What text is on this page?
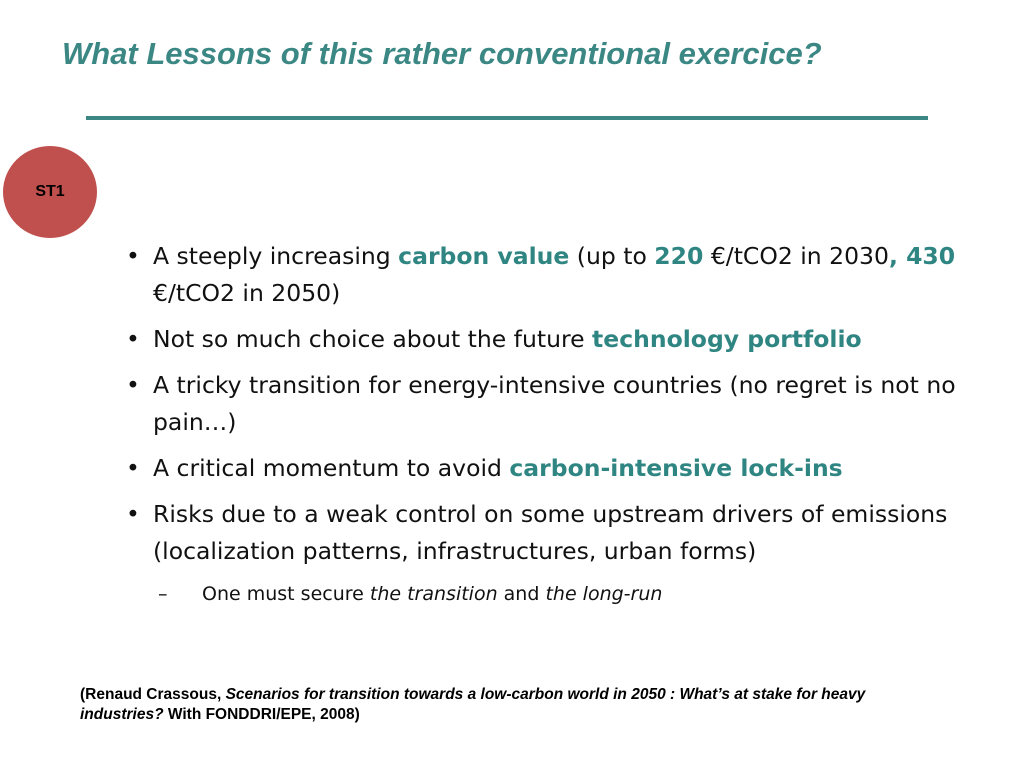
What Lessons of this rather conventional exercice?
ST1
• A steeply increasing carbon value (up to 220 €/tCO2 in 2030, 430 €/tCO2 in 2050)
• Not so much choice about the future technology portfolio
• A tricky transition for energy-intensive countries (no regret is not no pain…)
• A critical momentum to avoid carbon-intensive lock-ins
• Risks due to a weak control on some upstream drivers of emissions (localization patterns, infrastructures, urban forms)
–	One must secure the transition and the long-run
(Renaud Crassous, Scenarios for transition towards a low-carbon world in 2050 : What’s at stake for heavy industries? With FONDDRI/EPE, 2008)
